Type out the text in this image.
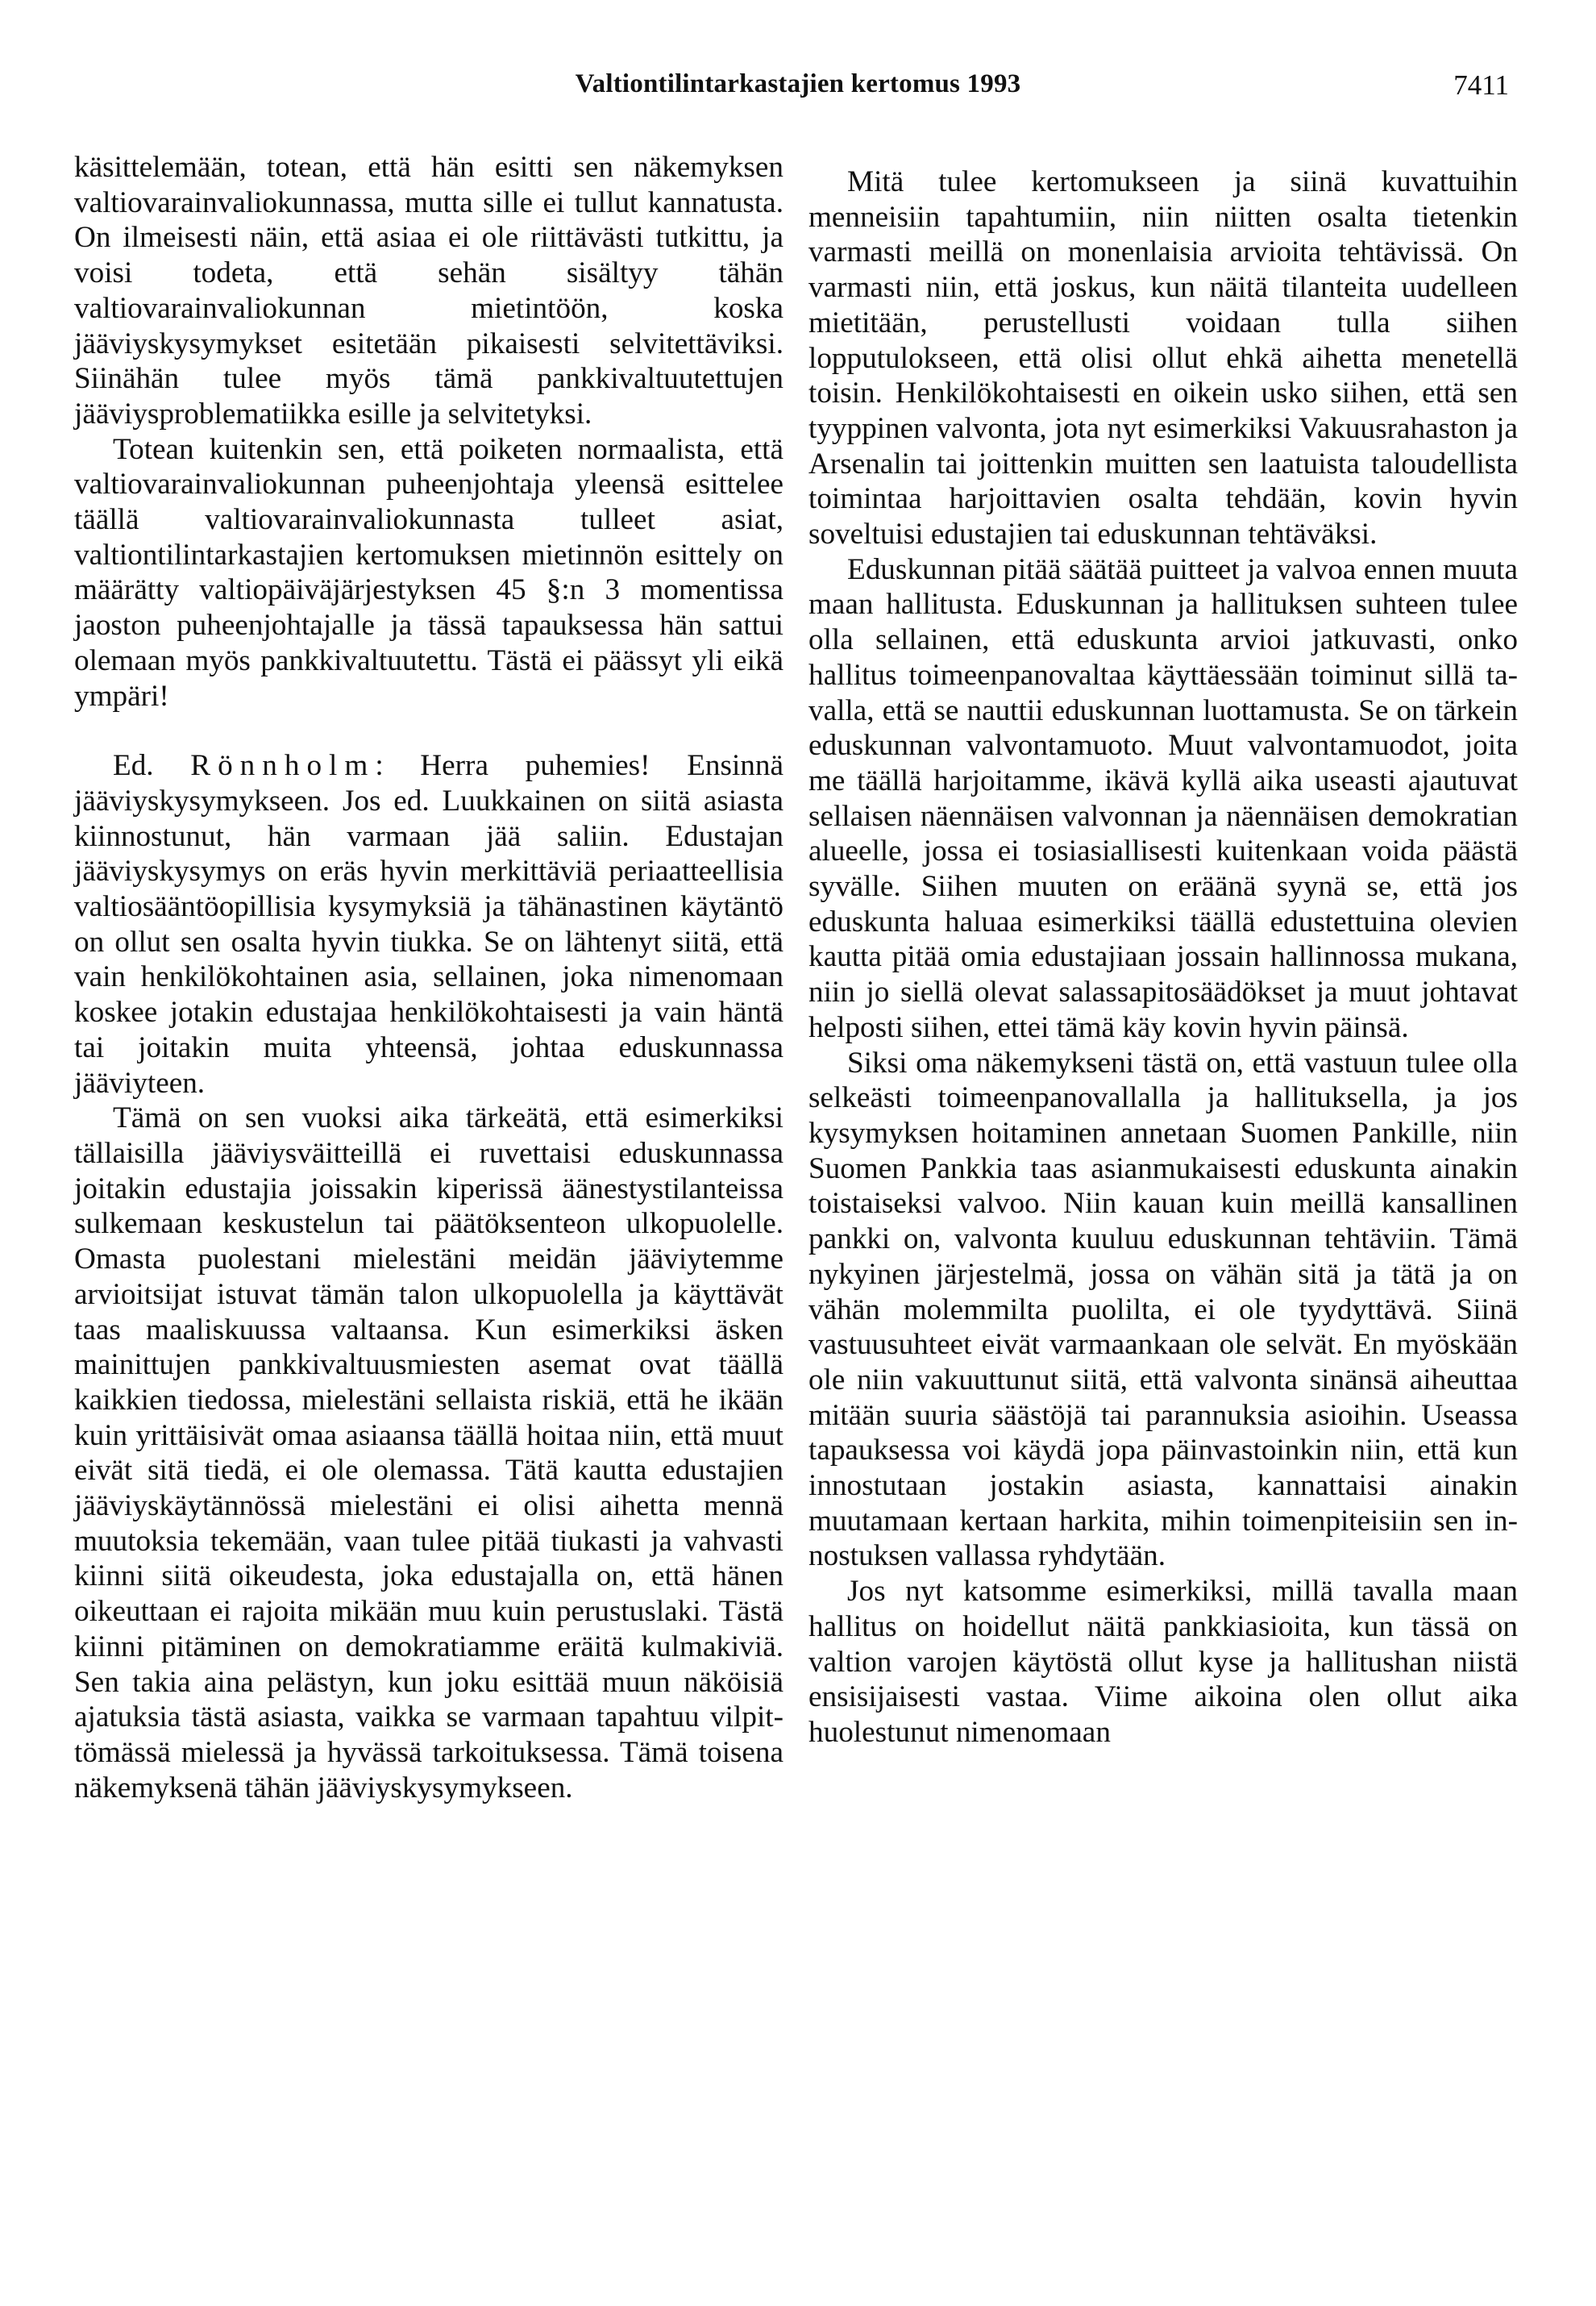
Valtiontilintarkastajien kertomus 1993	7411

käsittelemään, totean, että hän esitti sen näkemyksen valtiovarainvaliokunnassa, mutta sille ei tullut kannatusta. On ilmeisesti näin, että asiaa ei ole riittävästi tutkittu, ja voisi todeta, että sehän sisältyy tähän valtiovarainvaliokunnan mietintöön, koska jääviyskysymykset esitetään pikaisesti selvitettäviksi. Siinähän tulee myös tämä pankkivaltuutettujen jääviysproblematiikka esille ja selvitetyksi.

Totean kuitenkin sen, että poiketen normaalista, että valtiovarainvaliokunnan puheenjohtaja yleensä esittelee täällä valtiovarainvaliokunnasta tulleet asiat, valtiontilintarkastajien kertomuksen mietinnön esittely on määrätty valtiopäiväjärjestyksen 45 §:n 3 momentissa jaoston puheenjohtajalle ja tässä tapauksessa hän sattui olemaan myös pankkivaltuutettu. Tästä ei päässyt yli eikä ympäri!

Ed. Rönnholm: Herra puhemies! Ensinnä jääviyskysymykseen. Jos ed. Luukkainen on siitä asiasta kiinnostunut, hän varmaan jää saliin. Edustajan jääviyskysymys on eräs hyvin merkittäviä periaatteellisia valtiosääntöopillisia kysymyksiä ja tähänastinen käytäntö on ollut sen osalta hyvin tiukka. Se on lähtenyt siitä, että vain henkilökohtainen asia, sellainen, joka nimenomaan koskee jotakin edustajaa henkilökohtaisesti ja vain häntä tai joitakin muita yhteensä, johtaa eduskunnassa jääviyteen.

Tämä on sen vuoksi aika tärkeätä, että esimerkiksi tällaisilla jääviysväitteillä ei ruvettaisi eduskunnassa joitakin edustajia joissakin kiperissä äänestystilanteissa sulkemaan keskustelun tai päätöksenteon ulkopuolelle. Omasta puolestani mielestäni meidän jääviytemme arvioitsijat istuvat tämän talon ulkopuolella ja käyttävät taas maaliskuussa valtaansa. Kun esimerkiksi äsken mainittujen pankkivaltuusmiesten asemat ovat täällä kaikkien tiedossa, mielestäni sellaista riskiä, että he ikään kuin yrittäisivät omaa asiaansa täällä hoitaa niin, että muut eivät sitä tiedä, ei ole olemassa. Tätä kautta edustajien jääviyskäytännössä mielestäni ei olisi aihetta mennä muutoksia tekemään, vaan tulee pitää tiukasti ja vahvasti kiinni siitä oikeudesta, joka edustajalla on, että hänen oikeuttaan ei rajoita mikään muu kuin perustuslaki. Tästä kiinni pitäminen on demokratiamme eräitä kulmakiviä. Sen takia aina pelästyn, kun joku esittää muun näköisiä ajatuksia tästä asiasta, vaikka se varmaan tapahtuu vilpittömässä mielessä ja hyvässä tarkoituksessa. Tämä toisena näkemyksenä tähän jääviyskysymykseen.

Mitä tulee kertomukseen ja siinä kuvattuihin menneisiin tapahtumiin, niin niitten osalta tietenkin varmasti meillä on monenlaisia arvioita tehtävissä. On varmasti niin, että joskus, kun näitä tilanteita uudelleen mietitään, perustellusti voidaan tulla siihen lopputulokseen, että olisi ollut ehkä aihetta menetellä toisin. Henkilökohtaisesti en oikein usko siihen, että sen tyyppinen valvonta, jota nyt esimerkiksi Vakuusrahaston ja Arsenalin tai joittenkin muitten sen laatuista taloudellista toimintaa harjoittavien osalta tehdään, kovin hyvin soveltuisi edustajien tai eduskunnan tehtäväksi.

Eduskunnan pitää säätää puitteet ja valvoa ennen muuta maan hallitusta. Eduskunnan ja hallituksen suhteen tulee olla sellainen, että eduskunta arvioi jatkuvasti, onko hallitus toimeenpanovaltaa käyttäessään toiminut sillä tavalla, että se nauttii eduskunnan luottamusta. Se on tärkein eduskunnan valvontamuoto. Muut valvontamuodot, joita me täällä harjoitamme, ikävä kyllä aika useasti ajautuvat sellaisen näennäisen valvonnan ja näennäisen demokratian alueelle, jossa ei tosiasiallisesti kuitenkaan voida päästä syvälle. Siihen muuten on eräänä syynä se, että jos eduskunta haluaa esimerkiksi täällä edustettuina olevien kautta pitää omia edustajiaan jossain hallinnossa mukana, niin jo siellä olevat salassapitosäädökset ja muut johtavat helposti siihen, ettei tämä käy kovin hyvin päinsä.

Siksi oma näkemykseni tästä on, että vastuun tulee olla selkeästi toimeenpanovallalla ja hallituksella, ja jos kysymyksen hoitaminen annetaan Suomen Pankille, niin Suomen Pankkia taas asianmukaisesti eduskunta ainakin toistaiseksi valvoo. Niin kauan kuin meillä kansallinen pankki on, valvonta kuuluu eduskunnan tehtäviin. Tämä nykyinen järjestelmä, jossa on vähän sitä ja tätä ja on vähän molemmilta puolilta, ei ole tyydyttävä. Siinä vastuusuhteet eivät varmaankaan ole selvät. En myöskään ole niin vakuuttunut siitä, että valvonta sinänsä aiheuttaa mitään suuria säästöjä tai parannuksia asioihin. Useassa tapauksessa voi käydä jopa päinvastoinkin niin, että kun innostutaan jostakin asiasta, kannattaisi ainakin muutamaan kertaan harkita, mihin toimenpiteisiin sen innostuksen vallassa ryhdytään.

Jos nyt katsomme esimerkiksi, millä tavalla maan hallitus on hoidellut näitä pankkiasioita, kun tässä on valtion varojen käytöstä ollut kyse ja hallitushan niistä ensisijaisesti vastaa. Viime aikoina olen ollut aika huolestunut nimenomaan
